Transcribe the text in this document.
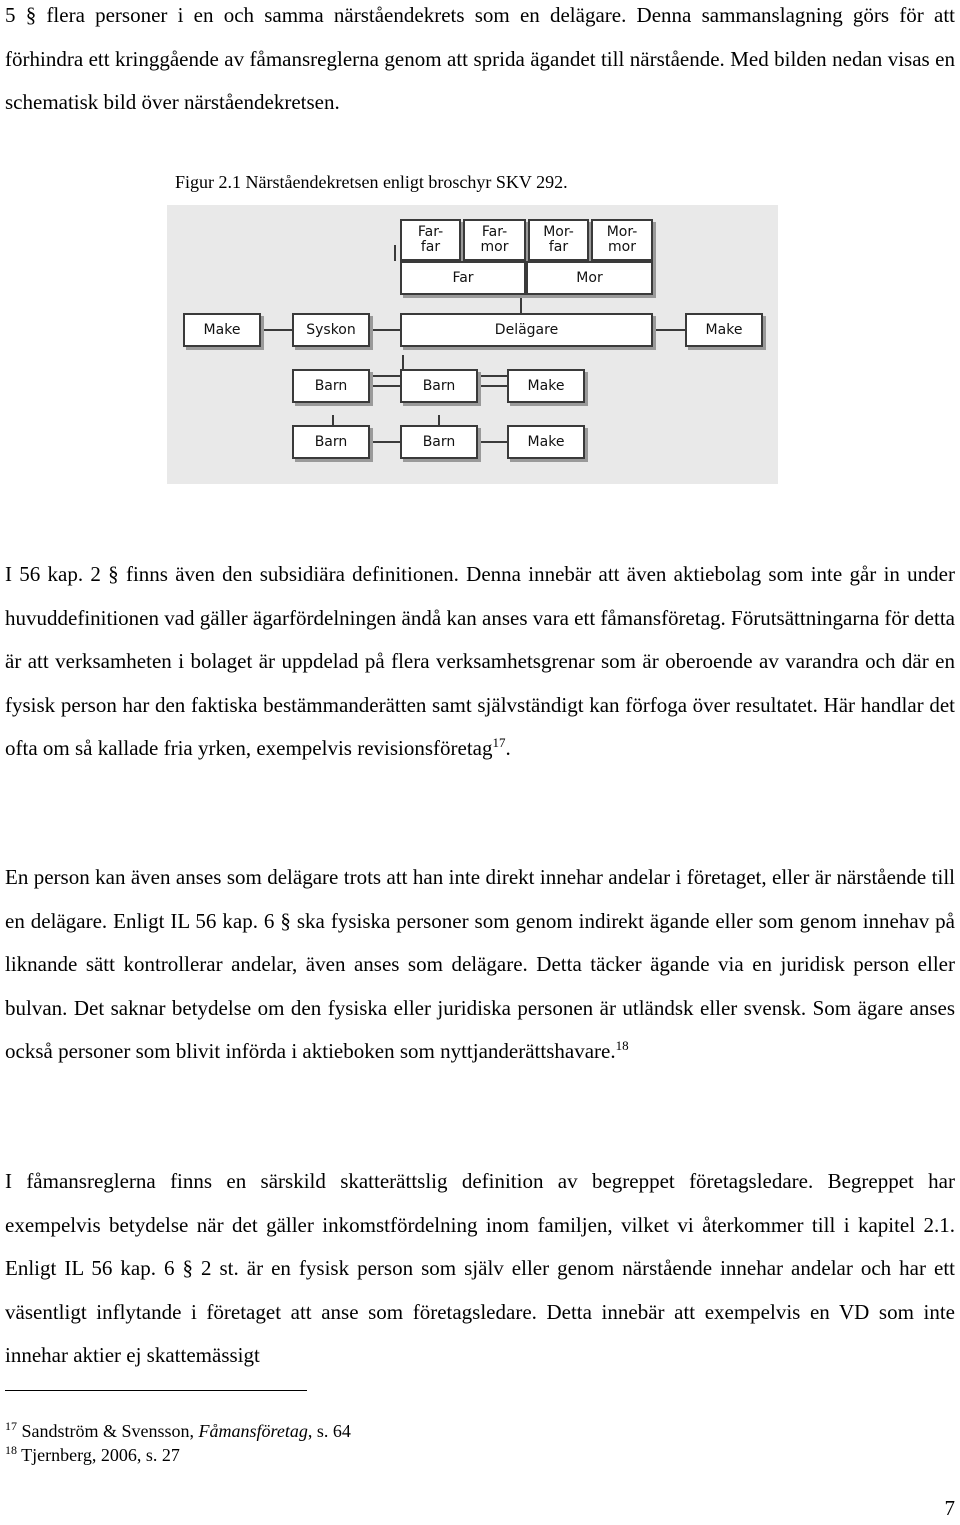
5 § flera personer i en och samma närståendekrets som en delägare. Denna sammanslagning görs för att förhindra ett kringgående av fåmansreglerna genom att sprida ägandet till närstående. Med bilden nedan visas en schematisk bild över närståendekretsen.

Figur 2.1 Närståendekretsen enligt broschyr SKV 292.
Far-
far
Far-
mor
Mor-
far
Mor-
mor
Far	Mor
Make	Syskon	Delägare	Make
Barn	Barn	Make
Barn	Barn	Make

I 56 kap. 2 § finns även den subsidiära definitionen. Denna innebär att även aktiebolag som inte går in under huvuddefinitionen vad gäller ägarfördelningen ändå kan anses vara ett fåmansföretag. Förutsättningarna för detta är att verksamheten i bolaget är uppdelad på flera verksamhetsgrenar som är oberoende av varandra och där en fysisk person har den faktiska bestämmanderätten samt självständigt kan förfoga över resultatet. Här handlar det ofta om så kallade fria yrken, exempelvis revisionsföretag$^{17}$.

En person kan även anses som delägare trots att han inte direkt innehar andelar i företaget, eller är närstående till en delägare. Enligt IL 56 kap. 6 § ska fysiska personer som genom indirekt ägande eller som genom innehav på liknande sätt kontrollerar andelar, även anses som delägare. Detta täcker ägande via en juridisk person eller bulvan. Det saknar betydelse om den fysiska eller juridiska personen är utländsk eller svensk. Som ägare anses också personer som blivit införda i aktieboken som nyttjanderättshavare.$^{18}$

I fåmansreglerna finns en särskild skatterättslig definition av begreppet företagsledare. Begreppet har exempelvis betydelse när det gäller inkomstfördelning inom familjen, vilket vi återkommer till i kapitel 2.1. Enligt IL 56 kap. 6 § 2 st. är en fysisk person som själv eller genom närstående innehar andelar och har ett väsentligt inflytande i företaget att anse som företagsledare. Detta innebär att exempelvis en VD som inte innehar aktier ej skattemässigt

$^{17}$ Sandström & Svensson, Fåmansföretag, s. 64
$^{18}$ Tjernberg, 2006, s. 27
7
